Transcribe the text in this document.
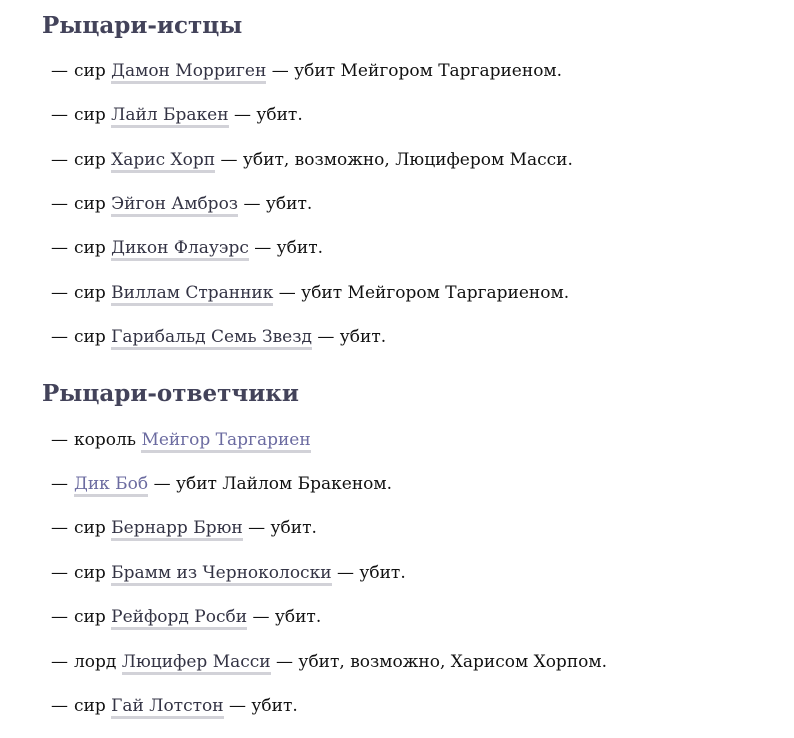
Рыцари-истцы
— сир Дамон Морриген — убит Мейгором Таргариеном.
— сир Лайл Бракен — убит.
— сир Харис Хорп — убит, возможно, Люцифером Масси.
— сир Эйгон Амброз — убит.
— сир Дикон Флауэрс — убит.
— сир Виллам Странник — убит Мейгором Таргариеном.
— сир Гарибальд Семь Звезд — убит.
Рыцари-ответчики
— король Мейгор Таргариен
— Дик Боб — убит Лайлом Бракеном.
— сир Бернарр Брюн — убит.
— сир Брамм из Черноколоски — убит.
— сир Рейфорд Росби — убит.
— лорд Люцифер Масси — убит, возможно, Харисом Хорпом.
— сир Гай Лотстон — убит.
